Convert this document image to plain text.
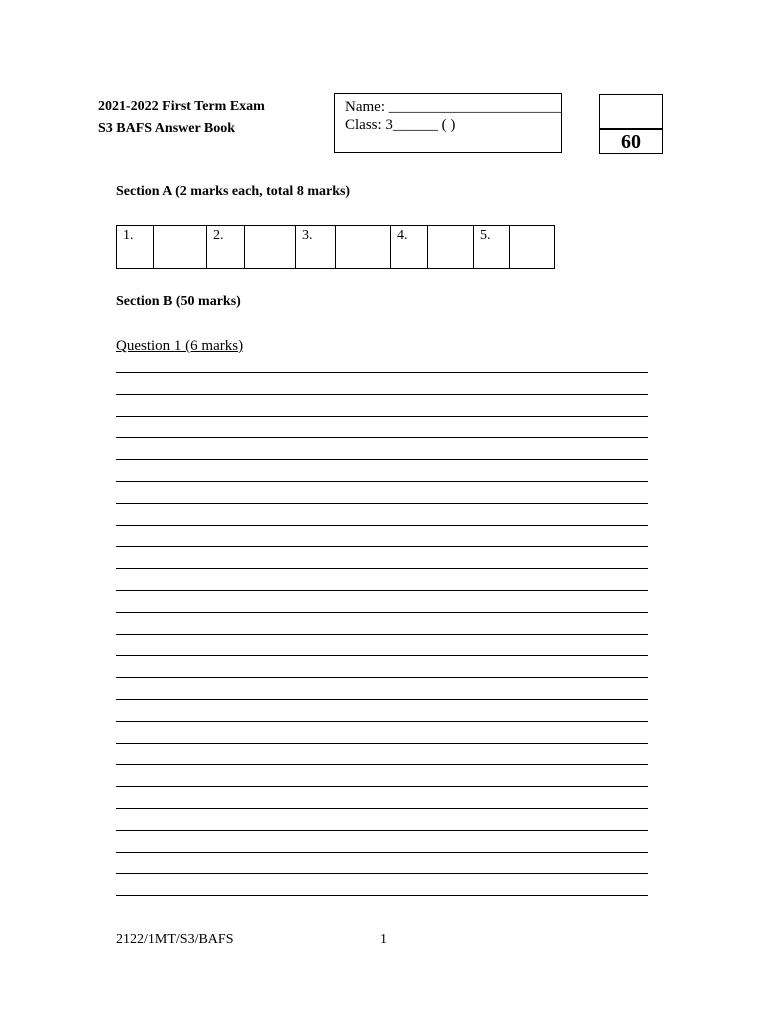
2021-2022 First Term Exam
S3 BAFS Answer Book
Name: _______________________
Class: 3______ ( )
60
Section A (2 marks each, total 8 marks)
1.		2.		3.		4.		5.	
Section B (50 marks)
Question 1 (6 marks)
2122/1MT/S3/BAFS	1
